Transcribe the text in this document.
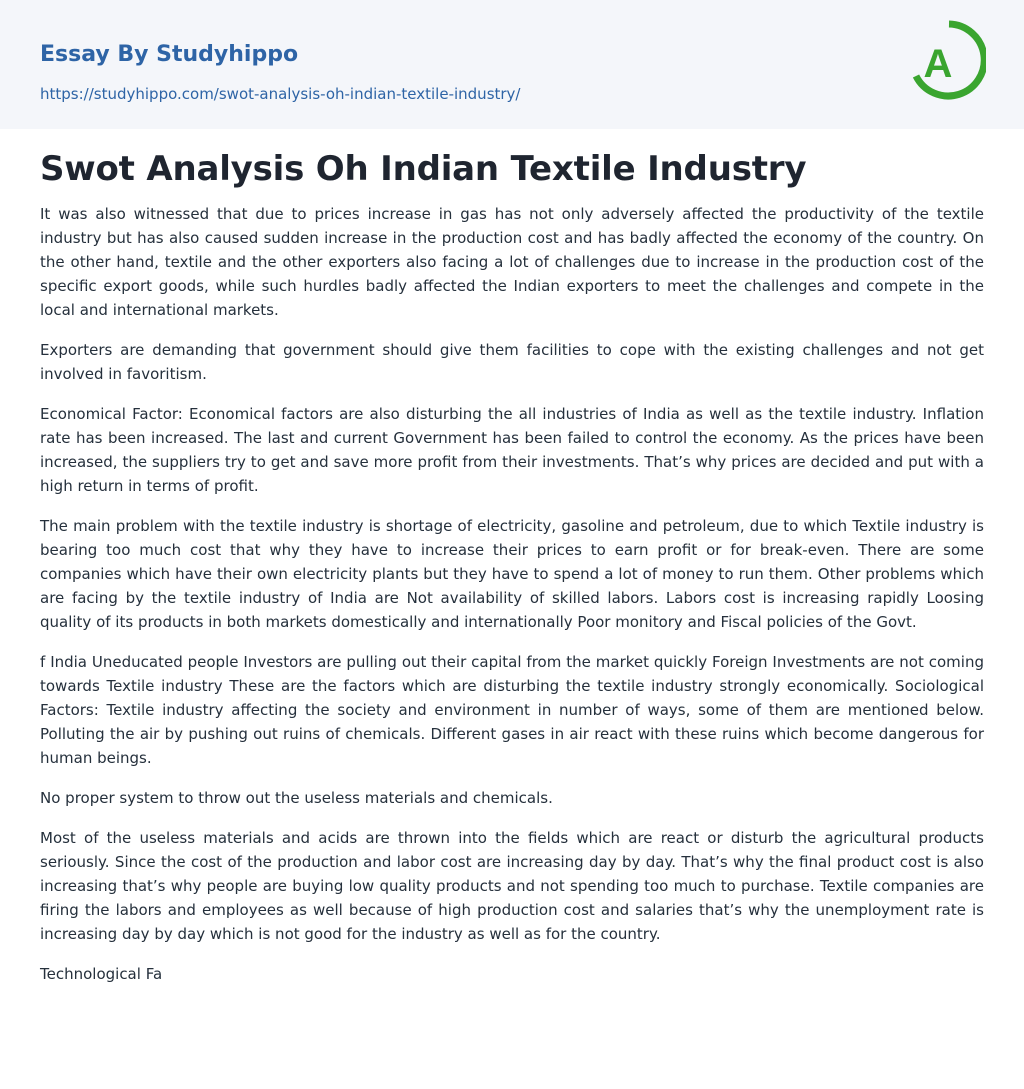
Essay By Studyhippo
https://studyhippo.com/swot-analysis-oh-indian-textile-industry/
A
Swot Analysis Oh Indian Textile Industry

It was also witnessed that due to prices increase in gas has not only adversely affected the productivity of the textile industry but has also caused sudden increase in the production cost and has badly affected the economy of the country. On the other hand, textile and the other exporters also facing a lot of challenges due to increase in the production cost of the specific export goods, while such hurdles badly affected the Indian exporters to meet the challenges and compete in the local and international markets.

Exporters are demanding that government should give them facilities to cope with the existing challenges and not get involved in favoritism.

Economical Factor: Economical factors are also disturbing the all industries of India as well as the textile industry. Inflation rate has been increased. The last and current Government has been failed to control the economy. As the prices have been increased, the suppliers try to get and save more profit from their investments. That’s why prices are decided and put with a high return in terms of profit.

The main problem with the textile industry is shortage of electricity, gasoline and petroleum, due to which Textile industry is bearing too much cost that why they have to increase their prices to earn profit or for break-even. There are some companies which have their own electricity plants but they have to spend a lot of money to run them. Other problems which are facing by the textile industry of India are Not availability of skilled labors. Labors cost is increasing rapidly Loosing quality of its products in both markets domestically and internationally Poor monitory and Fiscal policies of the Govt.

f India Uneducated people Investors are pulling out their capital from the market quickly Foreign Investments are not coming towards Textile industry These are the factors which are disturbing the textile industry strongly economically. Sociological Factors: Textile industry affecting the society and environment in number of ways, some of them are mentioned below. Polluting the air by pushing out ruins of chemicals. Different gases in air react with these ruins which become dangerous for human beings.

No proper system to throw out the useless materials and chemicals.

Most of the useless materials and acids are thrown into the fields which are react or disturb the agricultural products seriously. Since the cost of the production and labor cost are increasing day by day. That’s why the final product cost is also increasing that’s why people are buying low quality products and not spending too much to purchase. Textile companies are firing the labors and employees as well because of high production cost and salaries that’s why the unemployment rate is increasing day by day which is not good for the industry as well as for the country.

Technological Fa
